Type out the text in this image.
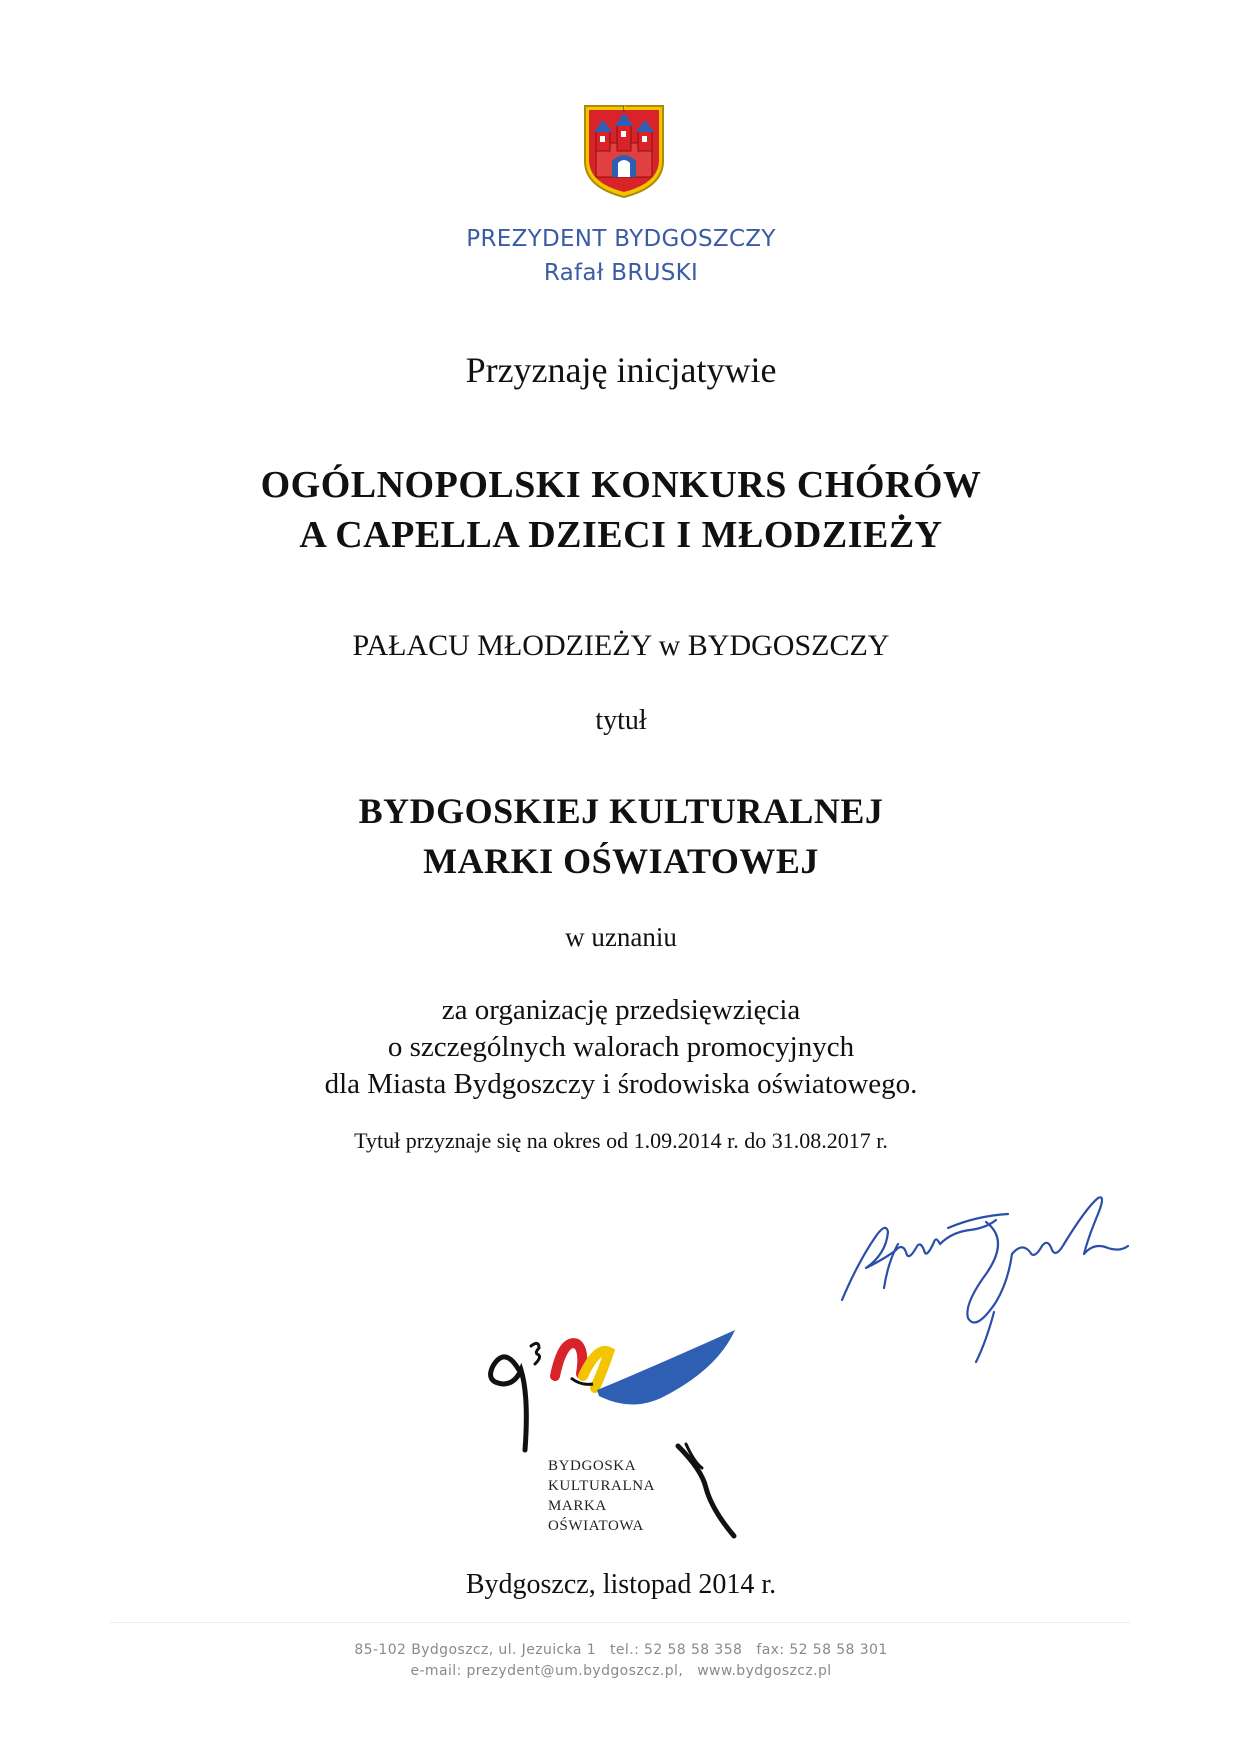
PREZYDENT BYDGOSZCZY
Rafał BRUSKI
Przyznaję inicjatywie
OGÓLNOPOLSKI KONKURS CHÓRÓW
A CAPELLA DZIECI I MŁODZIEŻY
PAŁACU MŁODZIEŻY w BYDGOSZCZY
tytuł
BYDGOSKIEJ KULTURALNEJ
MARKI OŚWIATOWEJ
w uznaniu
za organizację przedsięwzięcia
o szczególnych walorach promocyjnych
dla Miasta Bydgoszczy i środowiska oświatowego.
Tytuł przyznaje się na okres od 1.09.2014 r. do 31.08.2017 r.
BYDGOSKA
KULTURALNA
MARKA
OŚWIATOWA
Bydgoszcz, listopad 2014 r.
85-102 Bydgoszcz, ul. Jezuicka 1 tel.: 52 58 58 358 fax: 52 58 58 301
e-mail: prezydent@um.bydgoszcz.pl, www.bydgoszcz.pl
